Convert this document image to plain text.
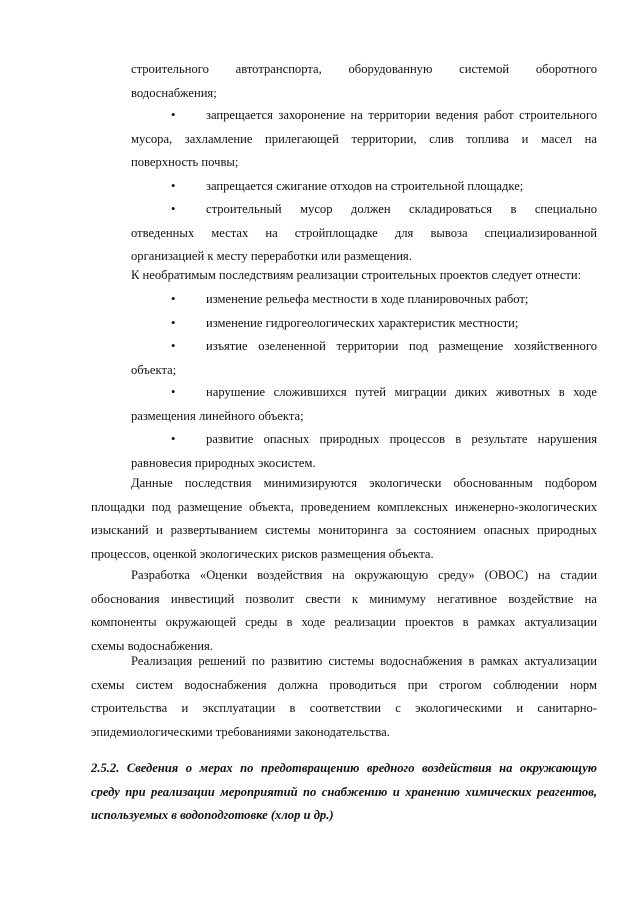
строительного автотранспорта, оборудованную системой оборотного
водоснабжения;
• запрещается захоронение на территории ведения работ строительного
мусора, захламление прилегающей территории, слив топлива и масел на
поверхность почвы;
• запрещается сжигание отходов на строительной площадке;
• строительный мусор должен складироваться в специально
отведенных местах на стройплощадке для вывоза специализированной
организацией к месту переработки или размещения.
К необратимым последствиям реализации строительных проектов следует отнести:
• изменение рельефа местности в ходе планировочных работ;
• изменение гидрогеологических характеристик местности;
• изъятие озелененной территории под размещение хозяйственного
объекта;
• нарушение сложившихся путей миграции диких животных в ходе
размещения линейного объекта;
• развитие опасных природных процессов в результате нарушения
равновесия природных экосистем.
Данные последствия минимизируются экологически обоснованным подбором
площадки под размещение объекта, проведением комплексных инженерно-экологических
изысканий и развертыванием системы мониторинга за состоянием опасных природных
процессов, оценкой экологических рисков размещения объекта.
Разработка «Оценки воздействия на окружающую среду» (ОВОС) на стадии
обоснования инвестиций позволит свести к минимуму негативное воздействие на
компоненты окружающей среды в ходе реализации проектов в рамках актуализации
схемы водоснабжения.
Реализация решений по развитию системы водоснабжения в рамках актуализации
схемы систем водоснабжения должна проводиться при строгом соблюдении норм
строительства и эксплуатации в соответствии с экологическими и санитарно-
эпидемиологическими требованиями законодательства.
2.5.2. Сведения о мерах по предотвращению вредного воздействия на окружающую
среду при реализации мероприятий по снабжению и хранению химических реагентов,
используемых в водоподготовке (хлор и др.)
